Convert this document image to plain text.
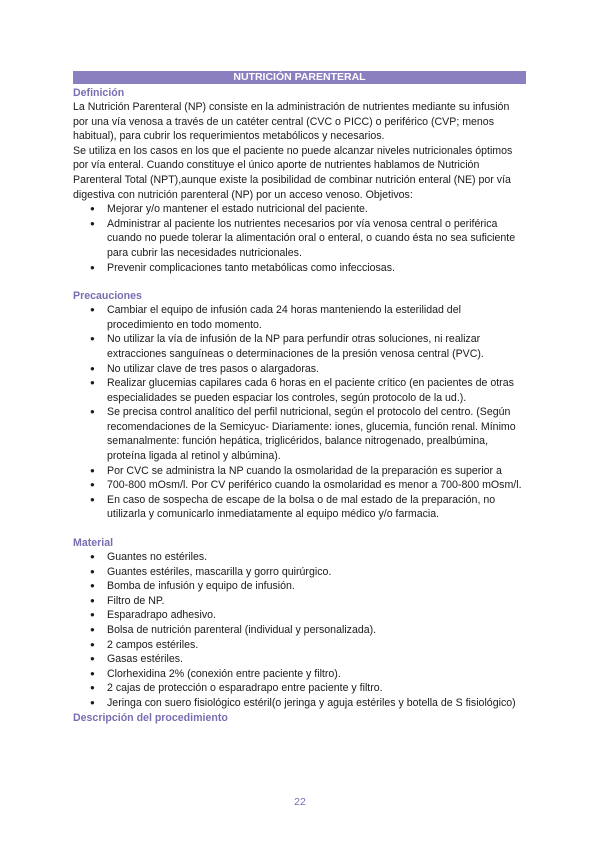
NUTRICIÓN PARENTERAL
Definición

La Nutrición Parenteral (NP) consiste en la administración de nutrientes mediante su infusión por una vía venosa a través de un catéter central (CVC o PICC) o periférico (CVP; menos habitual), para cubrir los requerimientos metabólicos y necesarios.

Se utiliza en los casos en los que el paciente no puede alcanzar niveles nutricionales óptimos por vía enteral. Cuando constituye el único aporte de nutrientes hablamos de Nutrición Parenteral Total (NPT),aunque existe la posibilidad de combinar nutrición enteral (NE) por vía digestiva con nutrición parenteral (NP) por un acceso venoso. Objetivos:

● Mejorar y/o mantener el estado nutricional del paciente.
● Administrar al paciente los nutrientes necesarios por vía venosa central o periférica cuando no puede tolerar la alimentación oral o enteral, o cuando ésta no sea suficiente para cubrir las necesidades nutricionales.
● Prevenir complicaciones tanto metabólicas como infecciosas.
Precauciones
● Cambiar el equipo de infusión cada 24 horas manteniendo la esterilidad del procedimiento en todo momento.
● No utilizar la vía de infusión de la NP para perfundir otras soluciones, ni realizar extracciones sanguíneas o determinaciones de la presión venosa central (PVC).
● No utilizar clave de tres pasos o alargadoras.
● Realizar glucemias capilares cada 6 horas en el paciente crítico (en pacientes de otras especialidades se pueden espaciar los controles, según protocolo de la ud.).
● Se precisa control analítico del perfil nutricional, según el protocolo del centro. (Según recomendaciones de la Semicyuc- Diariamente: iones, glucemia, función renal. Mínimo semanalmente: función hepática, triglicéridos, balance nitrogenado, prealbúmina, proteína ligada al retinol y albúmina).
● Por CVC se administra la NP cuando la osmolaridad de la preparación es superior a
● 700-800 mOsm/l. Por CV periférico cuando la osmolaridad es menor a 700-800 mOsm/l.
● En caso de sospecha de escape de la bolsa o de mal estado de la preparación, no utilizarla y comunicarlo inmediatamente al equipo médico y/o farmacia.
Material
● Guantes no estériles.
● Guantes estériles, mascarilla y gorro quirúrgico.
● Bomba de infusión y equipo de infusión.
● Filtro de NP.
● Esparadrapo adhesivo.
● Bolsa de nutrición parenteral (individual y personalizada).
● 2 campos estériles.
● Gasas estériles.
● Clorhexidina 2% (conexión entre paciente y filtro).
● 2 cajas de protección o esparadrapo entre paciente y filtro.
● Jeringa con suero fisiológico estéril(o jeringa y aguja estériles y botella de S fisiológico)
Descripción del procedimiento
22
